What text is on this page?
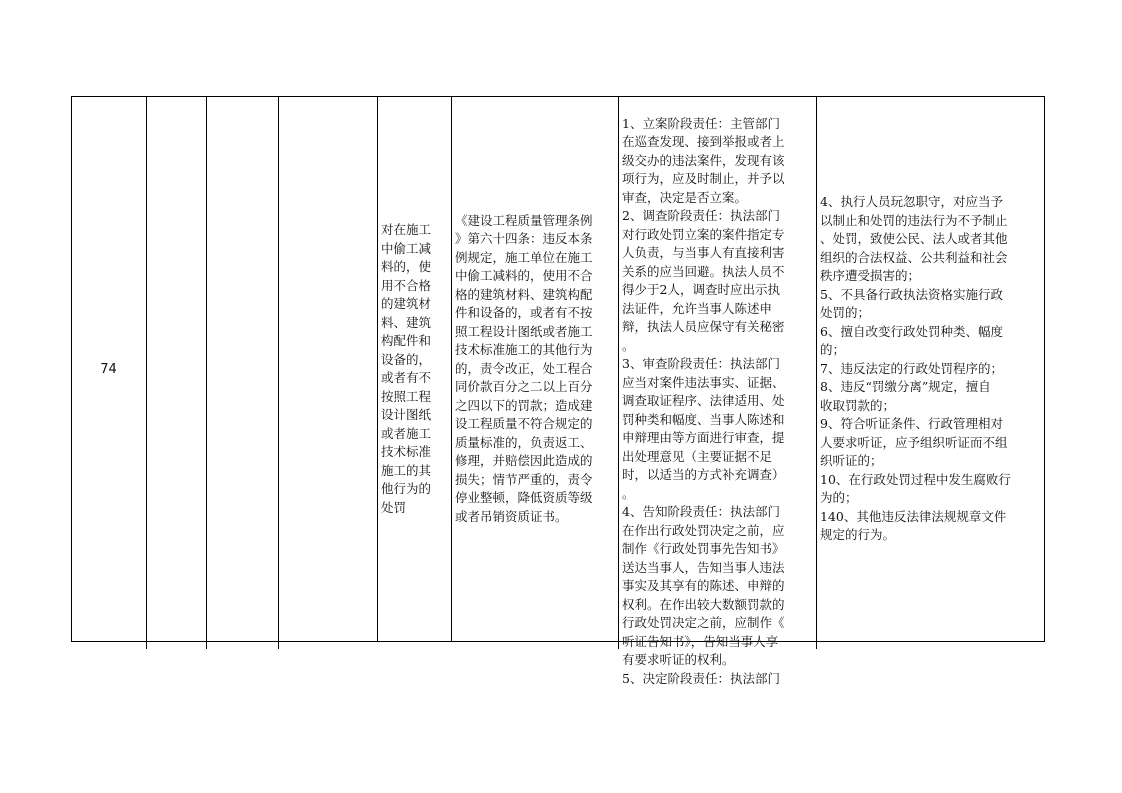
74
对在施工
中偷工减
料的，使
用不合格
的建筑材
料、建筑
构配件和
设备的，
或者有不
按照工程
设计图纸
或者施工
技术标准
施工的其
他行为的
处罚
《建设工程质量管理条例
》第六十四条：违反本条
例规定，施工单位在施工
中偷工减料的，使用不合
格的建筑材料、建筑构配
件和设备的，或者有不按
照工程设计图纸或者施工
技术标准施工的其他行为
的，责令改正，处工程合
同价款百分之二以上百分
之四以下的罚款；造成建
设工程质量不符合规定的
质量标准的，负责返工、
修理，并赔偿因此造成的
损失；情节严重的，责令
停业整顿，降低资质等级
或者吊销资质证书。

1、立案阶段责任：主管部门
在巡查发现、接到举报或者上
级交办的违法案件，发现有该
项行为，应及时制止，并予以
审查，决定是否立案。
2、调查阶段责任：执法部门
对行政处罚立案的案件指定专
人负责，与当事人有直接利害
关系的应当回避。执法人员不
得少于2人，调查时应出示执
法证件，允许当事人陈述申
辩，执法人员应保守有关秘密
。
3、审查阶段责任：执法部门
应当对案件违法事实、证据、
调查取证程序、法律适用、处
罚种类和幅度、当事人陈述和
申辩理由等方面进行审查，提
出处理意见（主要证据不足
时，以适当的方式补充调查）
。
4、告知阶段责任：执法部门
在作出行政处罚决定之前，应
制作《行政处罚事先告知书》
送达当事人，告知当事人违法
事实及其享有的陈述、申辩的
权利。在作出较大数额罚款的
行政处罚决定之前，应制作《
听证告知书》，告知当事人享
有要求听证的权利。
5、决定阶段责任：执法部门

4、执行人员玩忽职守，对应当予
以制止和处罚的违法行为不予制止
、处罚，致使公民、法人或者其他
组织的合法权益、公共利益和社会
秩序遭受损害的；
5、不具备行政执法资格实施行政
处罚的；
6、擅自改变行政处罚种类、幅度
的；
7、违反法定的行政处罚程序的；
8、违反“罚缴分离”规定，擅自
收取罚款的；
9、符合听证条件、行政管理相对
人要求听证，应予组织听证而不组
织听证的；
10、在行政处罚过程中发生腐败行
为的；
140、其他违反法律法规规章文件
规定的行为。
